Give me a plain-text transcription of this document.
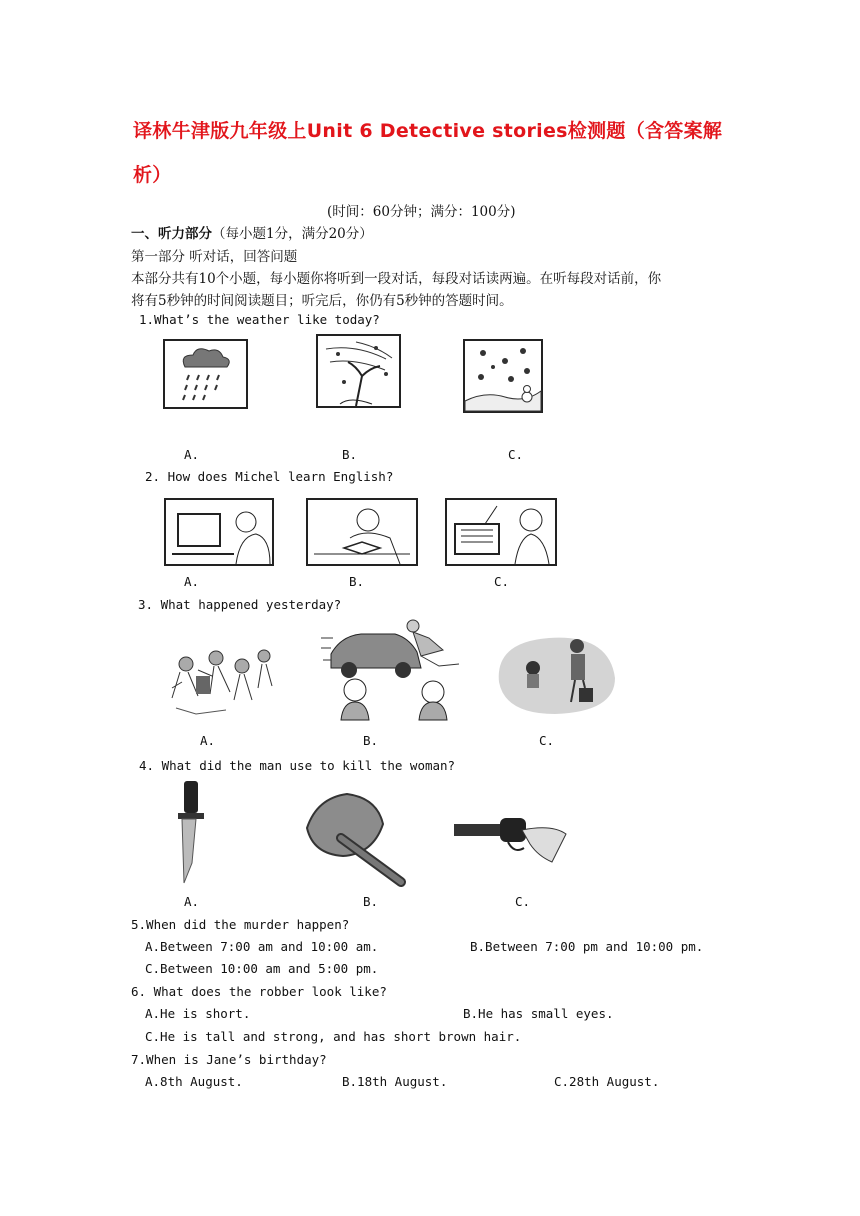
译林牛津版九年级上Unit 6 Detective stories检测题（含答案解
析）
(时间：60分钟；满分：100分)
一、听力部分（每小题1分，满分20分）
第一部分 听对话，回答问题
本部分共有10个小题，每小题你将听到一段对话，每段对话读两遍。在听每段对话前，你
将有5秒钟的时间阅读题目；听完后，你仍有5秒钟的答题时间。
1.What’s the weather like today?
A.	B.	C.
2. How does Michel learn English?
A.	B.	C.
3. What happened yesterday?
A.	B.	C.
4. What did the man use to kill the woman?
A.	B.	C.
5.When did the murder happen?
A.Between 7:00 am and 10:00 am.	B.Between 7:00 pm and 10:00 pm.
C.Between 10:00 am and 5:00 pm.
6. What does the robber look like?
A.He is short.	B.He has small eyes.
C.He is tall and strong, and has short brown hair.
7.When is Jane’s birthday?
A.8th August.	B.18th August.	C.28th August.
